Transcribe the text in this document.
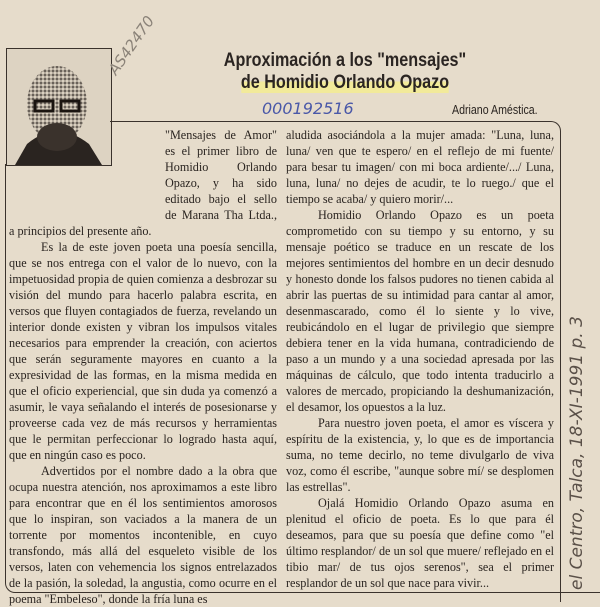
Aproximación a los "mensajes"
de Homidio Orlando Opazo
Adriano Améstica.

"Mensajes de Amor" es el primer libro de Homidio Orlando Opazo, y ha sido editado bajo el sello de Marana Tha Ltda., a principios del presente año.

Es la de este joven poeta una poesía sencilla, que se nos entrega con el valor de lo nuevo, con la impetuosidad propia de quien comienza a desbrozar su visión del mundo para hacerlo palabra escrita, en versos que fluyen contagiados de fuerza, revelando un interior donde existen y vibran los impulsos vitales necesarios para emprender la creación, con aciertos que serán seguramente mayores en cuanto a la expresividad de las formas, en la misma medida en que el oficio experiencial, que sin duda ya comenzó a asumir, le vaya señalando el interés de posesionarse y proveerse cada vez de más recursos y herramientas que le permitan perfeccionar lo logrado hasta aquí, que en ningún caso es poco.

Advertidos por el nombre dado a la obra que ocupa nuestra atención, nos aproximamos a este libro para encontrar que en él los sentimientos amorosos que lo inspiran, son vaciados a la manera de un torrente por momentos incontenible, en cuyo transfondo, más allá del esqueleto visible de los versos, laten con vehemencia los signos entrelazados de la pasión, la soledad, la angustia, como ocurre en el poema "Embeleso", donde la fría luna es

aludida asociándola a la mujer amada: "Luna, luna, luna/ ven que te espero/ en el reflejo de mi fuente/ para besar tu imagen/ con mi boca ardiente/.../ Luna, luna, luna/ no dejes de acudir, te lo ruego./ que el tiempo se acaba/ y quiero morir/...

Homidio Orlando Opazo es un poeta comprometido con su tiempo y su entorno, y su mensaje poético se traduce en un rescate de los mejores sentimientos del hombre en un decir desnudo y honesto donde los falsos pudores no tienen cabida al abrir las puertas de su intimidad para cantar al amor, desenmascarado, como él lo siente y lo vive, reubicándolo en el lugar de privilegio que siempre debiera tener en la vida humana, contradiciendo de paso a un mundo y a una sociedad apresada por las máquinas de cálculo, que todo intenta traducirlo a valores de mercado, propiciando la deshumanización, el desamor, los opuestos a la luz.

Para nuestro joven poeta, el amor es víscera y espíritu de la existencia, y, lo que es de importancia suma, no teme decirlo, no teme divulgarlo de viva voz, como él escribe, "aunque sobre mí/ se desplomen las estrellas".

Ojalá Homidio Orlando Opazo asuma en plenitud el oficio de poeta. Es lo que para él deseamos, para que su poesía que define como "el último resplandor/ de un sol que muere/ reflejado en el tibio mar/ de tus ojos serenos", sea el primer resplandor de un sol que nace para vivir...

AS42470
000192516
el Centro, Talca, 18-XI-1991 p. 3
